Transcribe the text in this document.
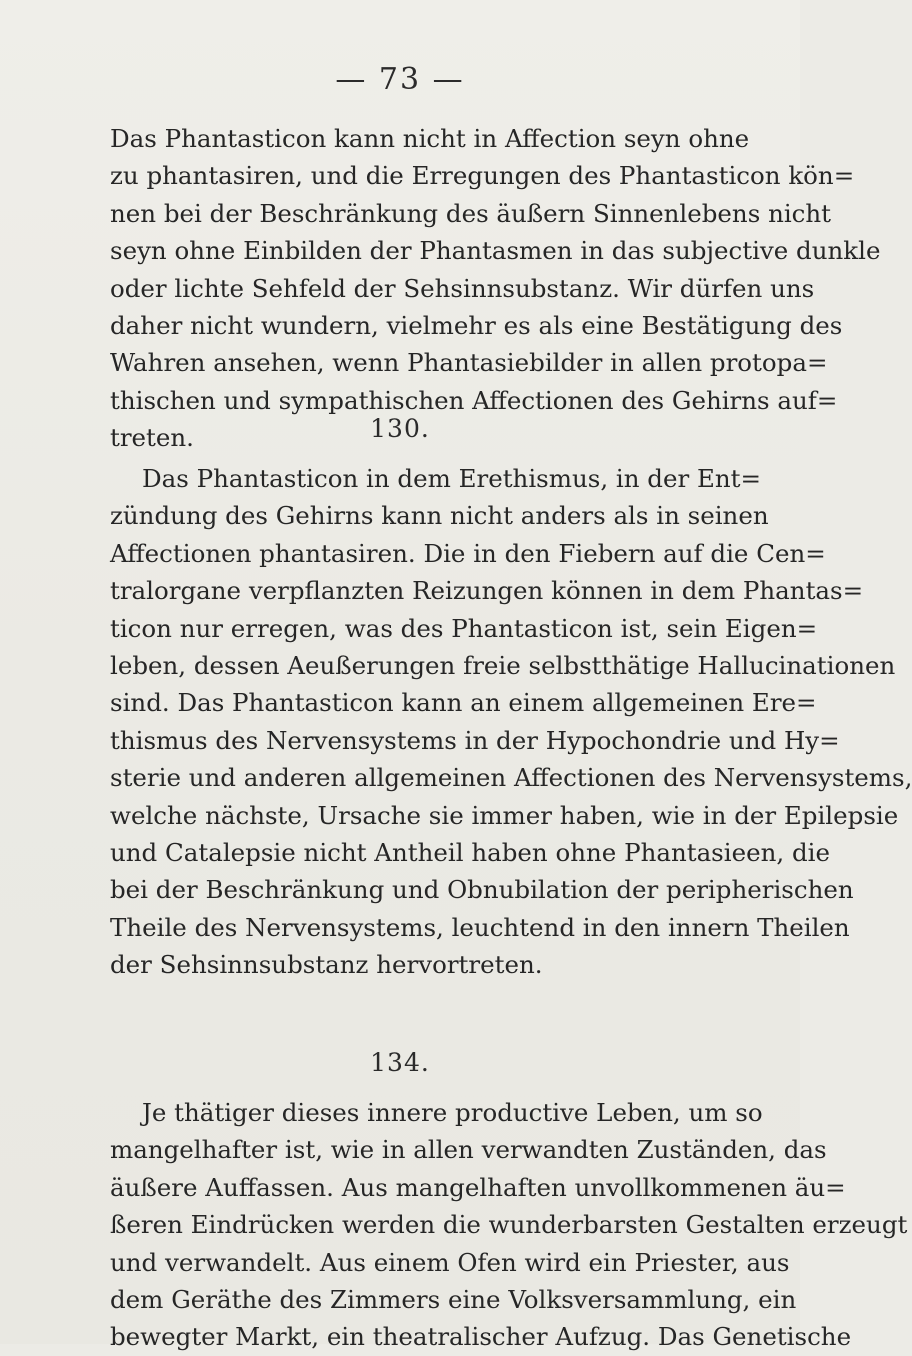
— 73 —
Das Phantasticon kann nicht in Affection seyn ohne
zu phantasiren, und die Erregungen des Phantasticon kön=
nen bei der Beschränkung des äußern Sinnenlebens nicht
seyn ohne Einbilden der Phantasmen in das subjective dunkle
oder lichte Sehfeld der Sehsinnsubstanz. Wir dürfen uns
daher nicht wundern, vielmehr es als eine Bestätigung des
Wahren ansehen, wenn Phantasiebilder in allen protopa=
thischen und sympathischen Affectionen des Gehirns auf=
treten.	130.
Das Phantasticon in dem Erethismus, in der Ent=
zündung des Gehirns kann nicht anders als in seinen
Affectionen phantasiren. Die in den Fiebern auf die Cen=
tralorgane verpflanzten Reizungen können in dem Phantas=
ticon nur erregen, was des Phantasticon ist, sein Eigen=
leben, dessen Aeußerungen freie selbstthätige Hallucinationen
sind. Das Phantasticon kann an einem allgemeinen Ere=
thismus des Nervensystems in der Hypochondrie und Hy=
sterie und anderen allgemeinen Affectionen des Nervensystems,
welche nächste, Ursache sie immer haben, wie in der Epilepsie
und Catalepsie nicht Antheil haben ohne Phantasieen, die
bei der Beschränkung und Obnubilation der peripherischen
Theile des Nervensystems, leuchtend in den innern Theilen
der Sehsinnsubstanz hervortreten.
134.
Je thätiger dieses innere productive Leben, um so
mangelhafter ist, wie in allen verwandten Zuständen, das
äußere Auffassen. Aus mangelhaften unvollkommenen äu=
ßeren Eindrücken werden die wunderbarsten Gestalten erzeugt
und verwandelt. Aus einem Ofen wird ein Priester, aus
dem Geräthe des Zimmers eine Volksversammlung, ein
bewegter Markt, ein theatralischer Aufzug. Das Genetische
